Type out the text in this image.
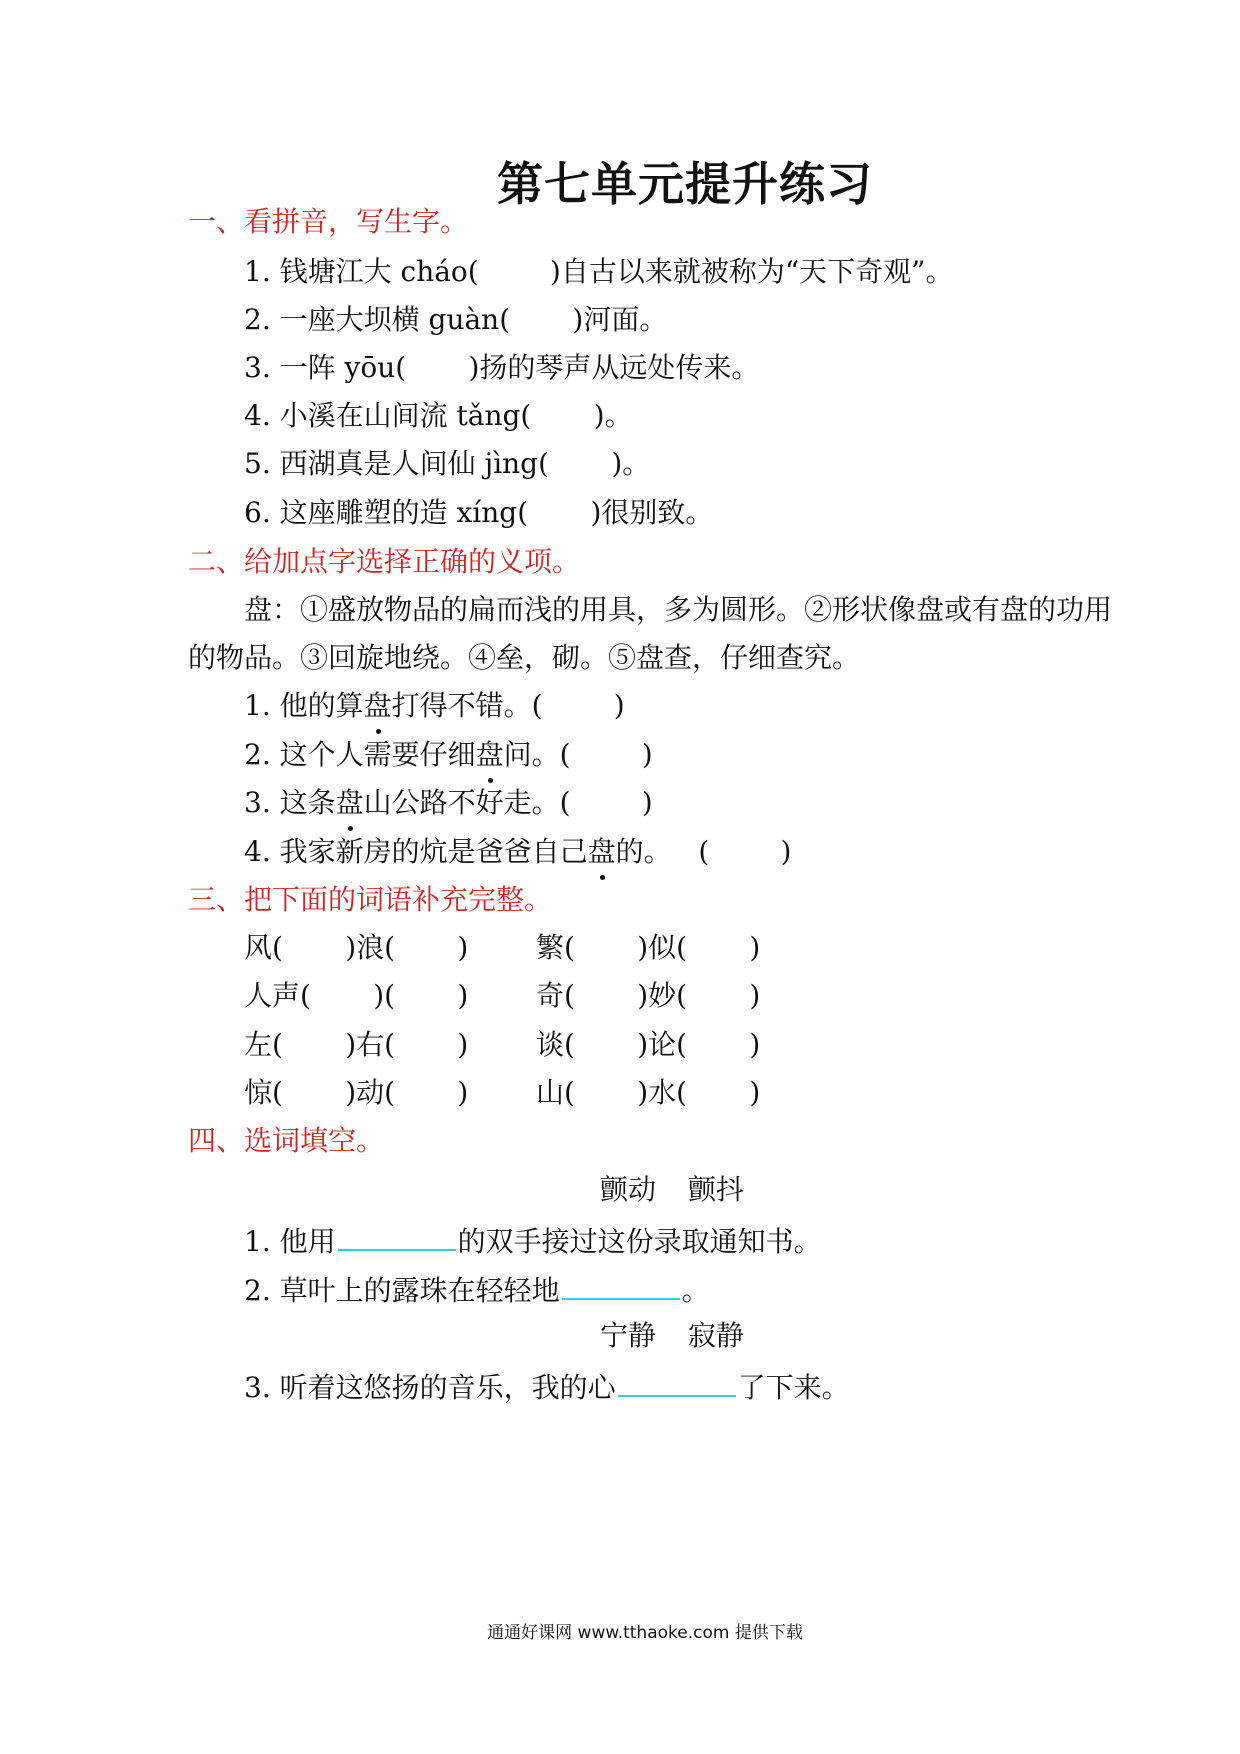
第七单元提升练习
一、看拼音，写生字。
1. 钱塘江大 cháo(        )自古以来就被称为“天下奇观”。
2. 一座大坝横 guàn(       )河面。
3. 一阵 yōu(       )扬的琴声从远处传来。
4. 小溪在山间流 tǎng(       )。
5. 西湖真是人间仙 jìng(       )。
6. 这座雕塑的造 xíng(       )很别致。
二、给加点字选择正确的义项。
盘：①盛放物品的扁而浅的用具，多为圆形。②形状像盘或有盘的功用
的物品。③回旋地绕。④垒，砌。⑤盘查，仔细查究。
1. 他的算盘打得不错。(        )
2. 这个人需要仔细盘问。(        )
3. 这条盘山公路不好走。(        )
4. 我家新房的炕是爸爸自己盘的。   (        )
三、把下面的词语补充完整。
风(       )浪(       ) 繁(       )似(       )
人声(       )(       ) 奇(       )妙(       )
左(       )右(       ) 谈(       )论(       )
惊(       )动(       ) 山(       )水(       )
四、选词填空。
颤动 颤抖
1. 他用	的双手接过这份录取通知书。
2. 草叶上的露珠在轻轻地	。
宁静 寂静
3. 听着这悠扬的音乐，我的心	了下来。
通通好课网 www.tthaoke.com 提供下载
